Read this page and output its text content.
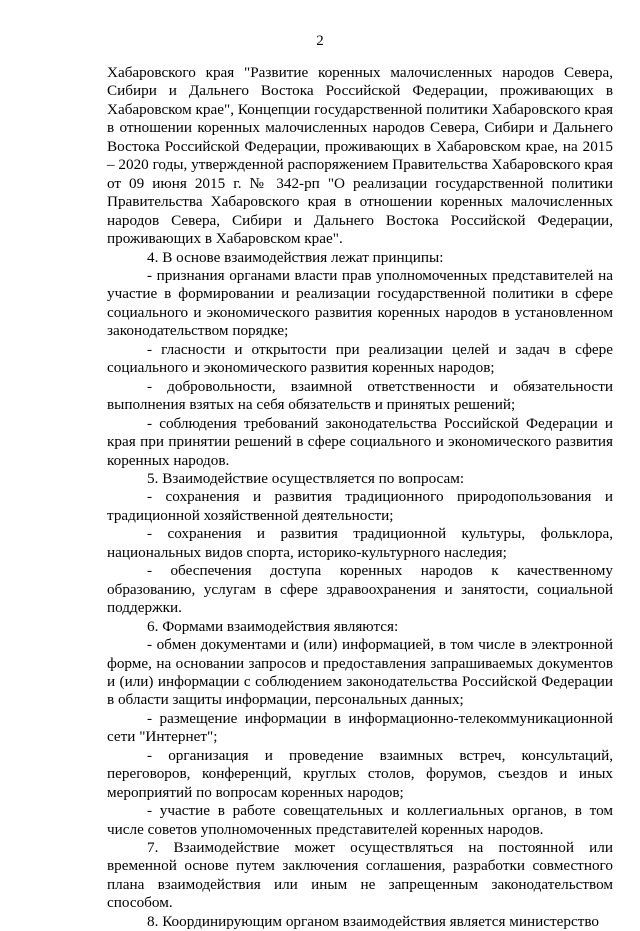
2

Хабаровского края "Развитие коренных малочисленных народов Севера, Сибири и Дальнего Востока Российской Федерации, проживающих в Хабаровском крае", Концепции государственной политики Хабаровского края в отношении коренных малочисленных народов Севера, Сибири и Дальнего Востока Российской Федерации, проживающих в Хабаровском крае, на 2015 – 2020 годы, утвержденной распоряжением Правительства Хабаровского края от 09 июня 2015 г. № 342-рп "О реализации государственной политики Правительства Хабаровского края в отношении коренных малочисленных народов Севера, Сибири и Дальнего Востока Российской Федерации, проживающих в Хабаровском крае".

4. В основе взаимодействия лежат принципы:

- признания органами власти прав уполномоченных представителей на участие в формировании и реализации государственной политики в сфере социального и экономического развития коренных народов в установленном законодательством порядке;

- гласности и открытости при реализации целей и задач в сфере социального и экономического развития коренных народов;

- добровольности, взаимной ответственности и обязательности выполнения взятых на себя обязательств и принятых решений;

- соблюдения требований законодательства Российской Федерации и края при принятии решений в сфере социального и экономического развития коренных народов.

5. Взаимодействие осуществляется по вопросам:

- сохранения и развития традиционного природопользования и традиционной хозяйственной деятельности;

- сохранения и развития традиционной культуры, фольклора, национальных видов спорта, историко-культурного наследия;

- обеспечения доступа коренных народов к качественному образованию, услугам в сфере здравоохранения и занятости, социальной поддержки.

6. Формами взаимодействия являются:

- обмен документами и (или) информацией, в том числе в электронной форме, на основании запросов и предоставления запрашиваемых документов и (или) информации с соблюдением законодательства Российской Федерации в области защиты информации, персональных данных;

- размещение информации в информационно-телекоммуникационной сети "Интернет";

- организация и проведение взаимных встреч, консультаций, переговоров, конференций, круглых столов, форумов, съездов и иных мероприятий по вопросам коренных народов;

- участие в работе совещательных и коллегиальных органов, в том числе советов уполномоченных представителей коренных народов.

7. Взаимодействие может осуществляться на постоянной или временной основе путем заключения соглашения, разработки совместного плана взаимодействия или иным не запрещенным законодательством способом.

8. Координирующим органом взаимодействия является министерство
